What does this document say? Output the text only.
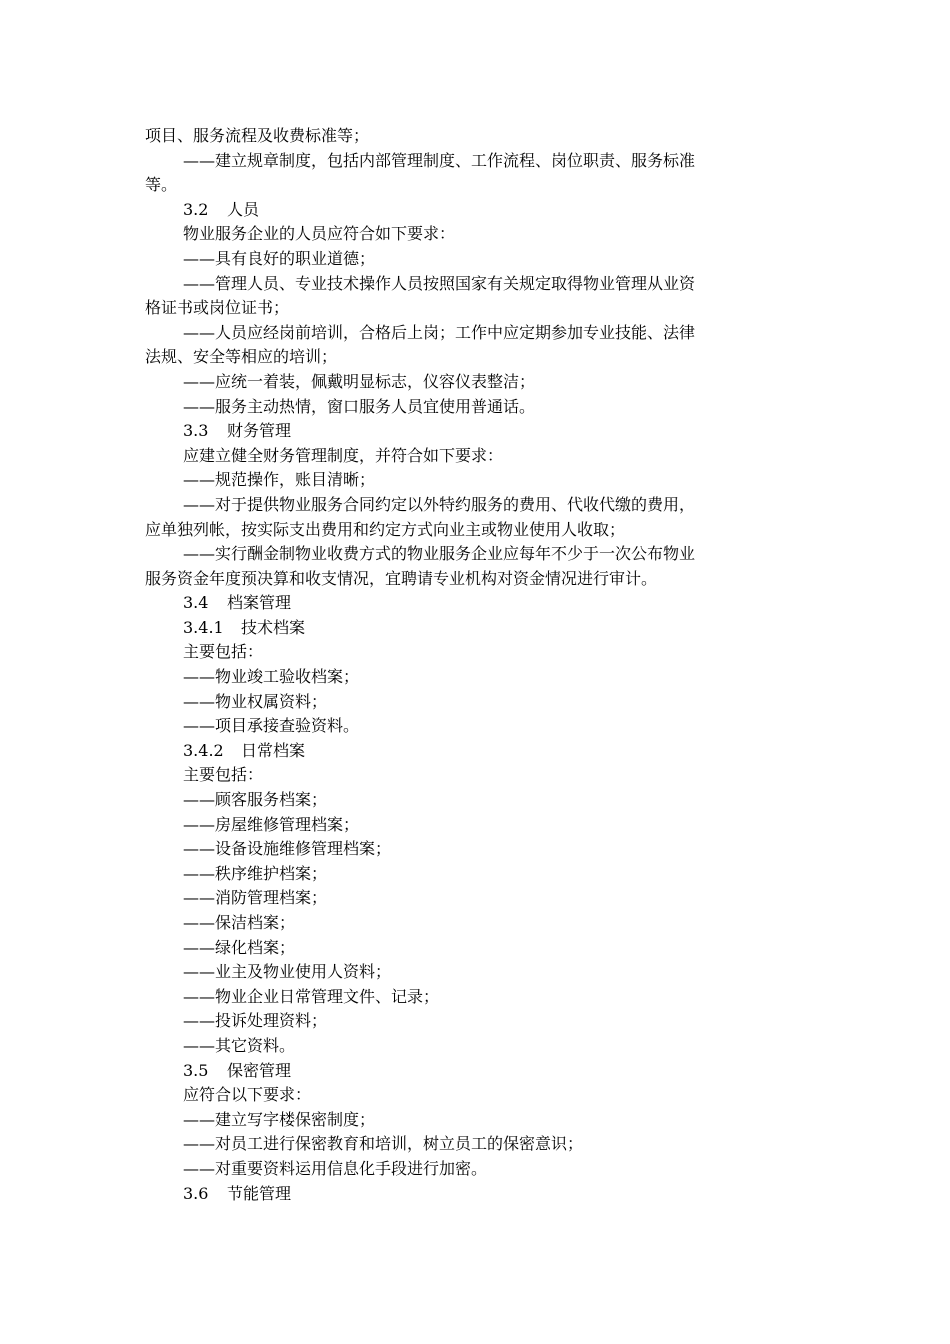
项目、服务流程及收费标准等；
——建立规章制度，包括内部管理制度、工作流程、岗位职责、服务标准
等。
3.2 人员
物业服务企业的人员应符合如下要求：
——具有良好的职业道德；
——管理人员、专业技术操作人员按照国家有关规定取得物业管理从业资
格证书或岗位证书；
——人员应经岗前培训，合格后上岗；工作中应定期参加专业技能、法律
法规、安全等相应的培训；
——应统一着装，佩戴明显标志，仪容仪表整洁；
——服务主动热情，窗口服务人员宜使用普通话。
3.3 财务管理
应建立健全财务管理制度，并符合如下要求：
——规范操作，账目清晰；
——对于提供物业服务合同约定以外特约服务的费用、代收代缴的费用，
应单独列帐，按实际支出费用和约定方式向业主或物业使用人收取；
——实行酬金制物业收费方式的物业服务企业应每年不少于一次公布物业
服务资金年度预决算和收支情况，宜聘请专业机构对资金情况进行审计。
3.4 档案管理
3.4.1 技术档案
主要包括：
——物业竣工验收档案；
——物业权属资料；
——项目承接查验资料。
3.4.2 日常档案
主要包括：
——顾客服务档案；
——房屋维修管理档案；
——设备设施维修管理档案；
——秩序维护档案；
——消防管理档案；
——保洁档案；
——绿化档案；
——业主及物业使用人资料；
——物业企业日常管理文件、记录；
——投诉处理资料；
——其它资料。
3.5 保密管理
应符合以下要求：
——建立写字楼保密制度；
——对员工进行保密教育和培训，树立员工的保密意识；
——对重要资料运用信息化手段进行加密。
3.6 节能管理
